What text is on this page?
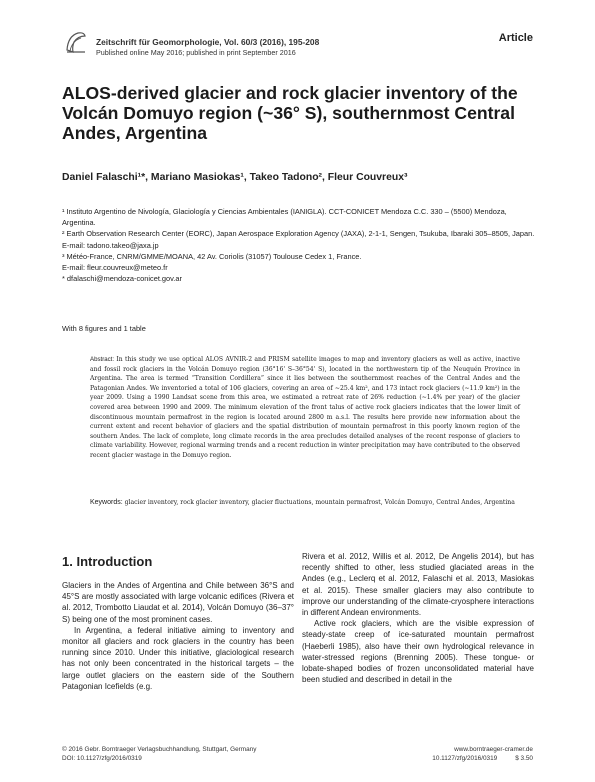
Zeitschrift für Geomorphologie, Vol. 60/3 (2016), 195-208
Published online May 2016; published in print September 2016
Article
ALOS-derived glacier and rock glacier inventory of the Volcán Domuyo region (~36° S), southernmost Central Andes, Argentina
Daniel Falaschi¹*, Mariano Masiokas¹, Takeo Tadono², Fleur Couvreux³
¹ Instituto Argentino de Nivología, Glaciología y Ciencias Ambientales (IANIGLA). CCT-CONICET Mendoza C.C. 330 – (5500) Mendoza, Argentina.
² Earth Observation Research Center (EORC), Japan Aerospace Exploration Agency (JAXA), 2-1-1, Sengen, Tsukuba, Ibaraki 305–8505, Japan.
E-mail: tadono.takeo@jaxa.jp
³ Météo-France, CNRM/GMME/MOANA, 42 Av. Coriolis (31057) Toulouse Cedex 1, France.
E-mail: fleur.couvreux@meteo.fr
* dfalaschi@mendoza-conicet.gov.ar
With 8 figures and 1 table
Abstract: In this study we use optical ALOS AVNIR-2 and PRISM satellite images to map and inventory glaciers as well as active, inactive and fossil rock glaciers in the Volcán Domuyo region (36°16' S–36°54' S), located in the northwestern tip of the Neuquén Province in Argentina. The area is termed “Transition Cordillera” since it lies between the southernmost reaches of the Central Andes and the Patagonian Andes. We inventoried a total of 106 glaciers, covering an area of ~25.4 km², and 173 intact rock glaciers (~11.9 km²) in the year 2009. Using a 1990 Landsat scene from this area, we estimated a retreat rate of 26% reduction (~1.4% per year) of the glacier covered area between 1990 and 2009. The minimum elevation of the front talus of active rock glaciers indicates that the lower limit of discontinuous mountain permafrost in the region is located around 2800 m a.s.l. The results here provide new information about the current extent and recent behavior of glaciers and the spatial distribution of mountain permafrost in this poorly known region of the southern Andes. The lack of complete, long climate records in the area precludes detailed analyses of the recent response of glaciers to climate variability. However, regional warming trends and a recent reduction in winter precipitation may have contributed to the observed recent glacier wastage in the Domuyo region.
Keywords: glacier inventory, rock glacier inventory, glacier fluctuations, mountain permafrost, Volcán Domuyo, Central Andes, Argentina
1. Introduction

Glaciers in the Andes of Argentina and Chile between 36°S and 45°S are mostly associated with large volcanic edifices (Rivera et al. 2012, Trombotto Liaudat et al. 2014), Volcán Domuyo (36–37° S) being one of the most prominent cases.

In Argentina, a federal initiative aiming to inventory and monitor all glaciers and rock glaciers in the country has been running since 2010. Under this initiative, glaciological research has not only been concentrated in the historical targets – the large outlet glaciers on the eastern side of the Southern Patagonian Icefields (e.g.

Rivera et al. 2012, Willis et al. 2012, De Angelis 2014), but has recently shifted to other, less studied glaciated areas in the Andes (e.g., Leclerq et al. 2012, Falaschi et al. 2013, Masiokas et al. 2015). These smaller glaciers may also contribute to improve our understanding of the climate-cryosphere interactions in different Andean environments.

Active rock glaciers, which are the visible expression of steady-state creep of ice-saturated mountain permafrost (Haeberli 1985), also have their own hydrological relevance in water-stressed regions (Brenning 2005). These tongue- or lobate-shaped bodies of frozen unconsolidated material have been studied and described in detail in the

© 2016 Gebr. Borntraeger Verlagsbuchhandlung, Stuttgart, Germany
DOI: 10.1127/zfg/2016/0319
www.borntraeger-cramer.de
10.1127/zfg/2016/0319	$ 3.50
